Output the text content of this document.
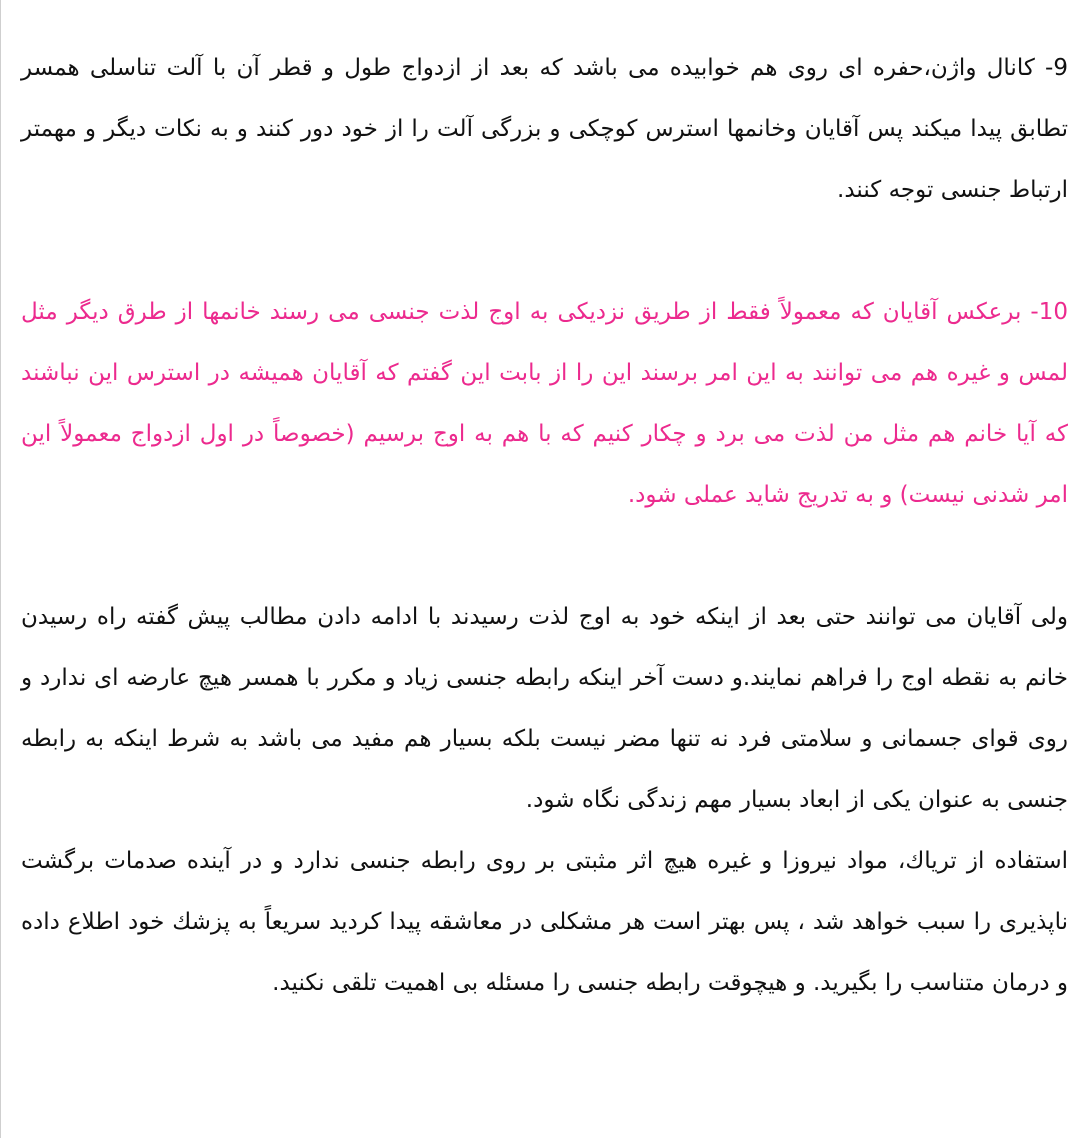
9- کانال واژن،حفره ای روی هم خوابیده می باشد که بعد از ازدواج طول و قطر آن با آلت تناسلی همسر تطابق پیدا میکند پس آقایان وخانمها استرس کوچکی و بزرگی آلت را از خود دور کنند و به نکات دیگر و مهمتر ارتباط جنسی توجه کنند.

10- برعکس آقایان که معمولاً فقط از طریق نزدیکی به اوج لذت جنسی می رسند خانمها از طرق دیگر مثل لمس و غیره هم می توانند به این امر برسند این را از بابت این گفتم که آقایان همیشه در استرس این نباشند که آیا خانم هم مثل من لذت می برد و چکار کنیم که با هم به اوج برسیم (خصوصاً در اول ازدواج معمولاً این امر شدنی نیست) و به تدریج شاید عملی شود.

ولی آقایان می توانند حتی بعد از اینکه خود به اوج لذت رسیدند با ادامه دادن مطالب پیش گفته راه رسیدن خانم به نقطه اوج را فراهم نمایند.و دست آخر اینکه رابطه جنسی زیاد و مکرر با همسر هیچ عارضه ای ندارد و روی قوای جسمانی و سلامتی فرد نه تنها مضر نیست بلکه بسیار هم مفید می باشد به شرط اینکه به رابطه جنسی به عنوان یکی از ابعاد بسیار مهم زندگی نگاه شود.

استفاده از تریاك، مواد نیروزا و غیره هیچ اثر مثبتی بر روی رابطه جنسی ندارد و در آینده صدمات برگشت ناپذیری را سبب خواهد شد ، پس بهتر است هر مشکلی در معاشقه پیدا کردید سریعاً به پزشك خود اطلاع داده و درمان متناسب را بگیرید. و هیچوقت رابطه جنسی را مسئله بی اهمیت تلقی نکنید.
